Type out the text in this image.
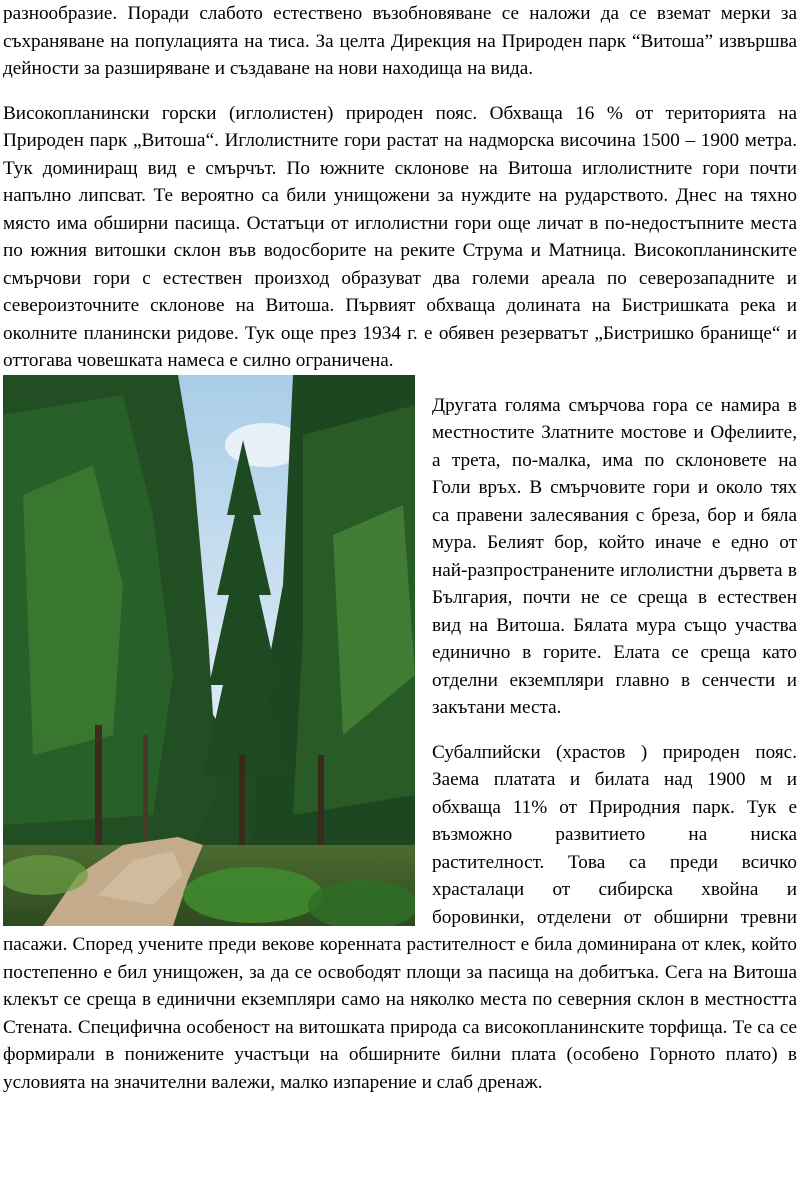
разнообразие. Поради слабото естествено възобновяване се наложи да се вземат мерки за съхраняване на популацията на тиса. За целта Дирекция на Природен парк “Витоша” извършва дейности за разширяване и създаване на нови находища на вида.

Високопланински горски (иглолистен) природен пояс. Обхваща 16 % от територията на Природен парк „Витоша“. Иглолистните гори растат на надморска височина 1500 – 1900 метра. Тук доминиращ вид е смърчът. По южните склонове на Витоша иглолистните гори почти напълно липсват. Те вероятно са били унищожени за нуждите на рударството. Днес на тяхно място има обширни пасища. Остатъци от иглолистни гори още личат в по-недостъпните места по южния витошки склон във водосборите на реките Струма и Матница. Високопланинските смърчови гори с естествен произход образуват два големи ареала по северозападните и североизточните склонове на Витоша. Първият обхваща долината на Бистришката река и околните планински ридове. Тук още през 1934 г. е обявен резерватът „Бистришко бранище“ и оттогава човешката намеса е силно ограничена.

Другата голяма смърчова гора се намира в местностите Златните мостове и Офелиите, а трета, по-малка, има по склоновете на Голи връх. В смърчовите гори и около тях са правени залесявания с бреза, бор и бяла мура. Белият бор, който иначе е едно от най-разпространените иглолистни дървета в България, почти не се среща в естествен вид на Витоша. Бялата мура също участва единично в горите. Елата се среща като отделни екземпляри главно в сенчести и закътани места.

Субалпийски (храстов ) природен пояс. Заема платата и билата над 1900 м и обхваща 11% от Природния парк. Тук е възможно развитието на ниска растителност. Това са преди всичко храсталаци от сибирска хвойна и боровинки, отделени от обширни тревни пасажи. Според учените преди векове коренната растителност е била доминирана от клек, който постепенно е бил унищожен, за да се освободят площи за пасища на добитъка. Сега на Витоша клекът се среща в единични екземпляри само на няколко места по северния склон в местността Стената. Специфична особеност на витошката природа са високопланинските торфища. Те са се формирали в понижените участъци на обширните билни плата (особено Горното плато) в условията на значителни валежи, малко изпарение и слаб дренаж.
